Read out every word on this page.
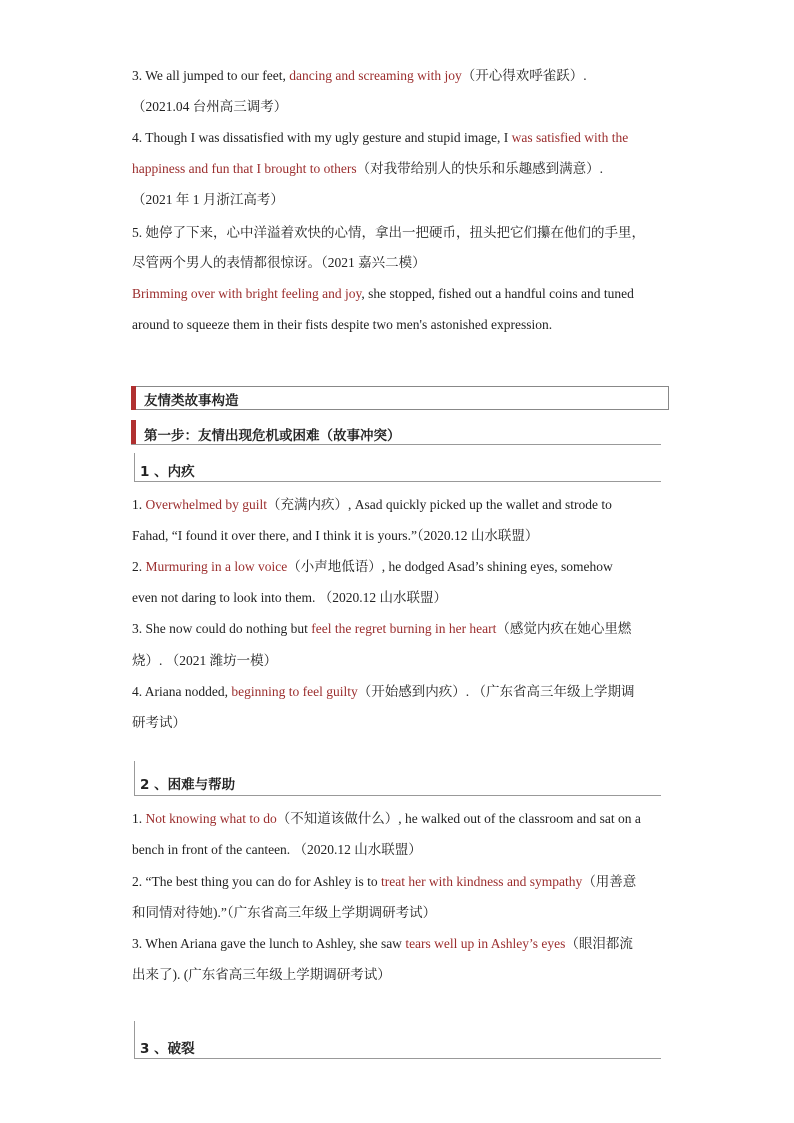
3. We all jumped to our feet, dancing and screaming with joy（开心得欢呼雀跃）.
（2021.04 台州高三调考）
4. Though I was dissatisfied with my ugly gesture and stupid image, I was satisfied with the
happiness and fun that I brought to others（对我带给别人的快乐和乐趣感到满意）.
（2021 年 1 月浙江高考）
5. 她停了下来，心中洋溢着欢快的心情，拿出一把硬币，扭头把它们攥在他们的手里，
尽管两个男人的表情都很惊讶。（2021 嘉兴二模）
Brimming over with bright feeling and joy, she stopped, fished out a handful coins and tuned
around to squeeze them in their fists despite two men's astonished expression.
友情类故事构造
第一步：友情出现危机或困难（故事冲突）
1 、内疚
1. Overwhelmed by guilt（充满内疚）, Asad quickly picked up the wallet and strode to
Fahad, “I found it over there, and I think it is yours.”（2020.12 山水联盟）
2. Murmuring in a low voice（小声地低语）, he dodged Asad’s shining eyes, somehow
even not daring to look into them. （2020.12 山水联盟）
3. She now could do nothing but feel the regret burning in her heart（感觉内疚在她心里燃
烧）. （2021 潍坊一模）
4. Ariana nodded, beginning to feel guilty（开始感到内疚）. （广东省高三年级上学期调
研考试）
2 、困难与帮助
1. Not knowing what to do（不知道该做什么）, he walked out of the classroom and sat on a
bench in front of the canteen. （2020.12 山水联盟）
2. “The best thing you can do for Ashley is to treat her with kindness and sympathy（用善意
和同情对待她).”（广东省高三年级上学期调研考试）
3. When Ariana gave the lunch to Ashley, she saw tears well up in Ashley’s eyes（眼泪都流
出来了). (广东省高三年级上学期调研考试）
3 、破裂
